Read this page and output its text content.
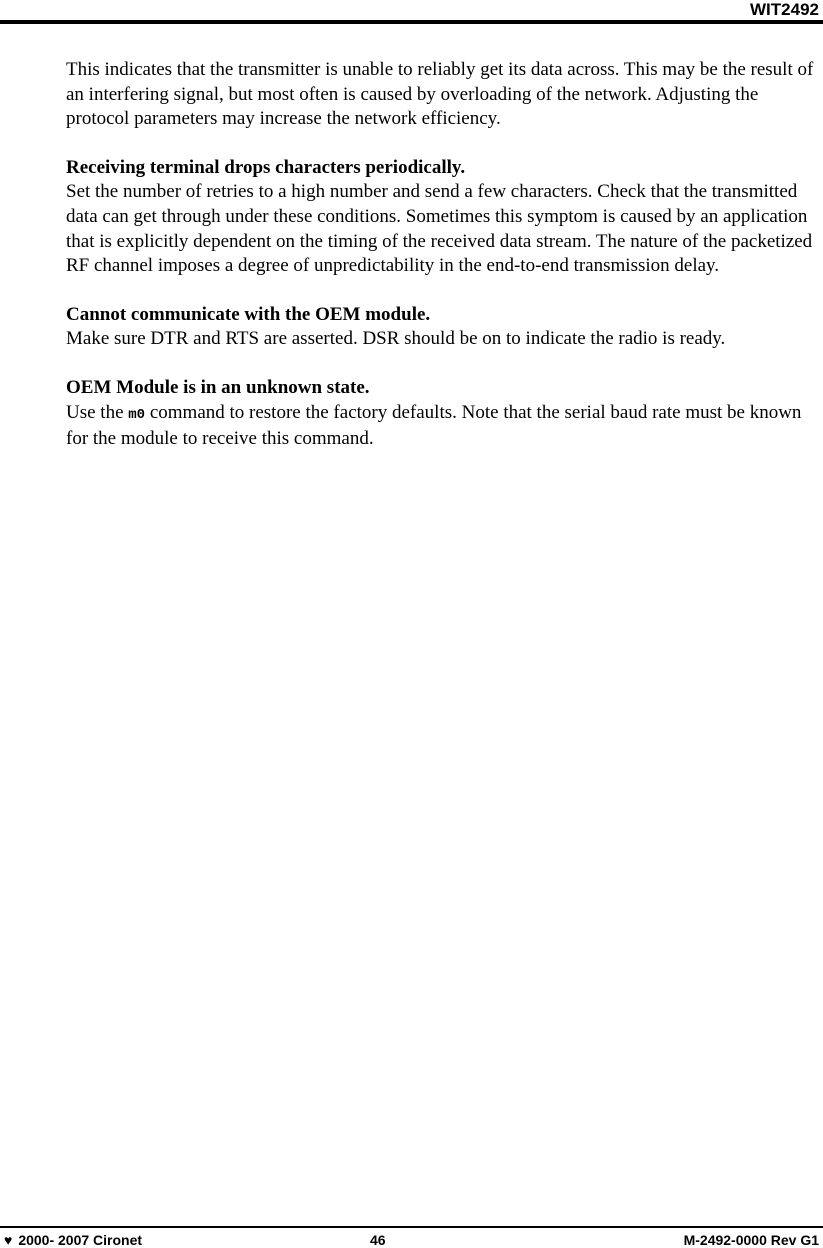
WIT2492

This indicates that the transmitter is unable to reliably get its data across. This may be the result of an interfering signal, but most often is caused by overloading of the network. Adjusting the protocol parameters may increase the network efficiency.

Receiving terminal drops characters periodically.
Set the number of retries to a high number and send a few characters. Check that the transmitted data can get through under these conditions. Sometimes this symptom is caused by an application that is explicitly dependent on the timing of the received data stream. The nature of the packetized RF channel imposes a degree of unpredictability in the end-to-end transmission delay.

Cannot communicate with the OEM module.
Make sure DTR and RTS are asserted. DSR should be on to indicate the radio is ready.

OEM Module is in an unknown state.
Use the m0 command to restore the factory defaults. Note that the serial baud rate must be known for the module to receive this command.

♥ 2000- 2007 Cironet	46	M-2492-0000 Rev G1
